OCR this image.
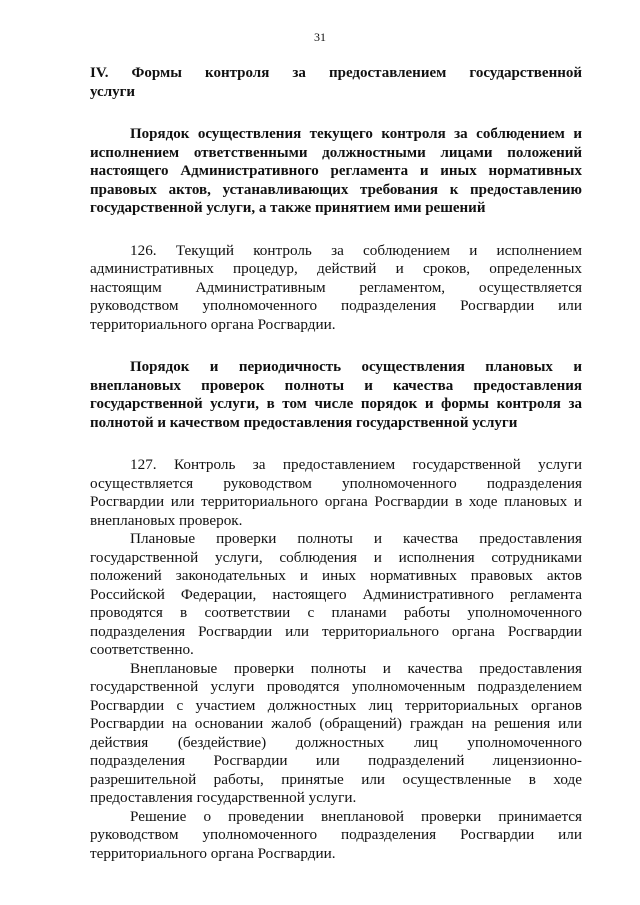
31
IV. Формы контроля за предоставлением государственной
услуги
Порядок осуществления текущего контроля за соблюдением и
исполнением ответственными должностными лицами положений
настоящего Административного регламента и иных нормативных
правовых актов, устанавливающих требования к предоставлению
государственной услуги, а также принятием ими решений
126. Текущий контроль за соблюдением и исполнением
административных процедур, действий и сроков, определенных
настоящим Административным регламентом, осуществляется
руководством уполномоченного подразделения Росгвардии или
территориального органа Росгвардии.
Порядок и периодичность осуществления плановых и
внеплановых проверок полноты и качества предоставления
государственной услуги, в том числе порядок и формы контроля за
полнотой и качеством предоставления государственной услуги
127. Контроль за предоставлением государственной услуги
осуществляется руководством уполномоченного подразделения
Росгвардии или территориального органа Росгвардии в ходе плановых и
внеплановых проверок.
Плановые проверки полноты и качества предоставления
государственной услуги, соблюдения и исполнения сотрудниками
положений законодательных и иных нормативных правовых актов
Российской Федерации, настоящего Административного регламента
проводятся в соответствии с планами работы уполномоченного
подразделения Росгвардии или территориального органа Росгвардии
соответственно.
Внеплановые проверки полноты и качества предоставления
государственной услуги проводятся уполномоченным подразделением
Росгвардии с участием должностных лиц территориальных органов
Росгвардии на основании жалоб (обращений) граждан на решения или
действия (бездействие) должностных лиц уполномоченного
подразделения Росгвардии или подразделений лицензионно-
разрешительной работы, принятые или осуществленные в ходе
предоставления государственной услуги.
Решение о проведении внеплановой проверки принимается
руководством уполномоченного подразделения Росгвардии или
территориального органа Росгвардии.
